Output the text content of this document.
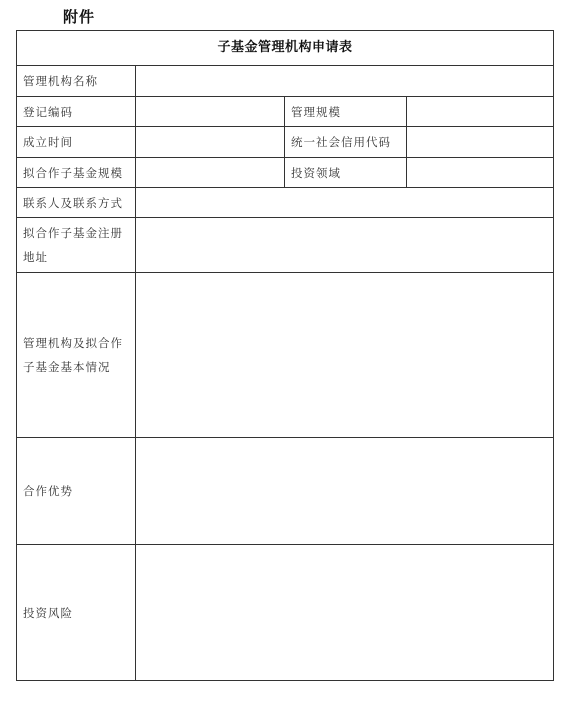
附件
子基金管理机构申请表			
管理机构名称			
登记编码		管理规模	
成立时间		统一社会信用代码	
拟合作子基金规模		投资领域	
联系人及联系方式			
拟合作子基金注册地址			
管理机构及拟合作子基金基本情况			
合作优势			
投资风险			
